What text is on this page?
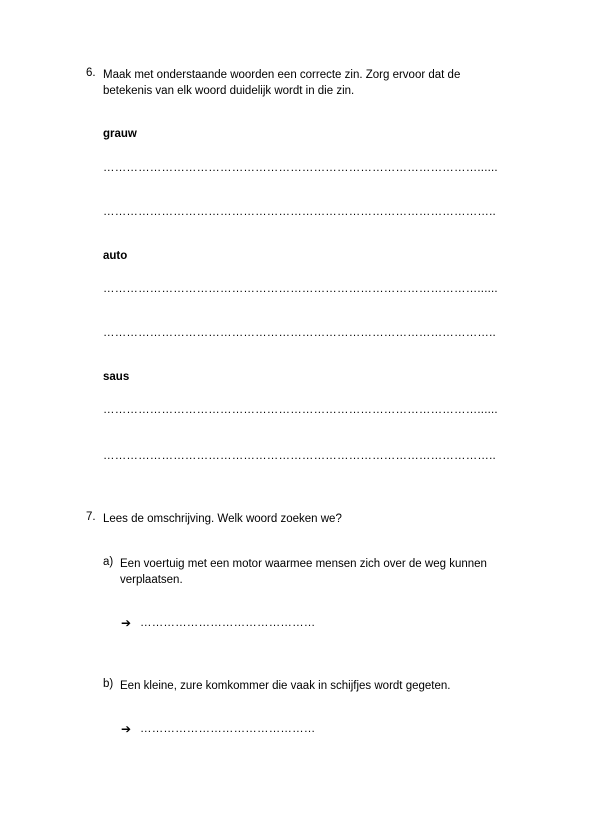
6. Maak met onderstaande woorden een correcte zin. Zorg ervoor dat de
betekenis van elk woord duidelijk wordt in die zin.
grauw
……………………………………………………………………………………......
………………………………………………………………………………………..
auto
……………………………………………………………………………………......
………………………………………………………………………………………..
saus
……………………………………………………………………………………......
………………………………………………………………………………………..
7. Lees de omschrijving. Welk woord zoeken we?
a) Een voertuig met een motor waarmee mensen zich over de weg kunnen
verplaatsen.
➔ ………………………………………
b) Een kleine, zure komkommer die vaak in schijfjes wordt gegeten.
➔ ………………………………………
